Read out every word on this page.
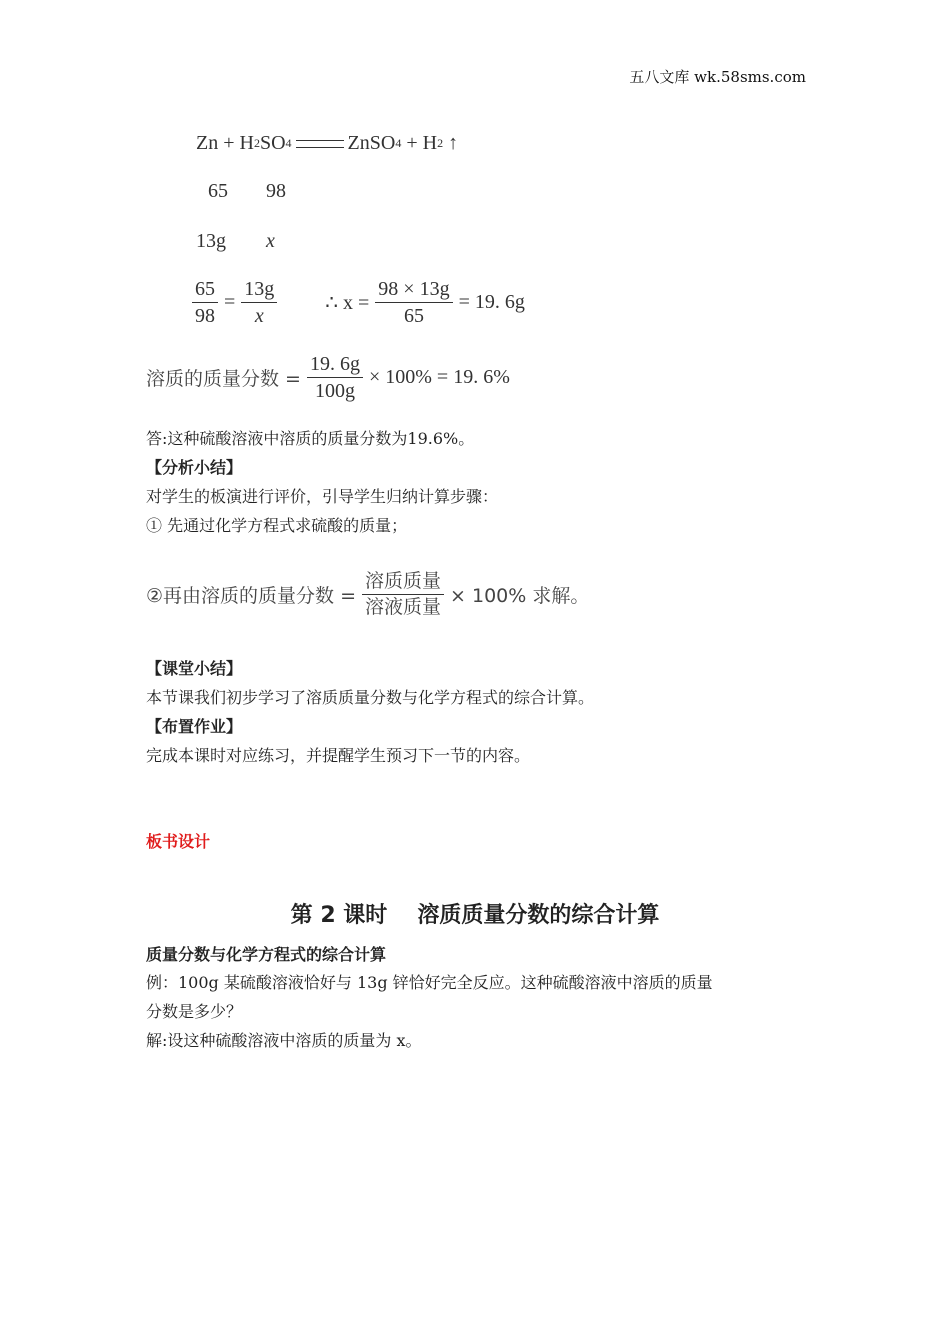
五八文库 wk.58sms.com
Zn
+
H 2 SO 4	ZnSO 4
+
H 2
↑
65 98
13g x
$\frac{65}{98} = \frac{13g}{x}$ ∴ $x = \frac{98 \times 13g}{65} = 19$. 6g
溶质的质量分数 = $\frac{19. 6g}{100g} \times 100\% = 19$. 6%
答:这种硫酸溶液中溶质的质量分数为19.6%。
【分析小结】
对学生的板演进行评价，引导学生归纳计算步骤：
① 先通过化学方程式求硫酸的质量；
②再由溶质的质量分数 = $\frac{\text{溶质质量}}{\text{溶液质量}} \times 100\%$ 求解。
【课堂小结】
本节课我们初步学习了溶质质量分数与化学方程式的综合计算。
【布置作业】
完成本课时对应练习，并提醒学生预习下一节的内容。
板书设计
第 2 课时 溶质质量分数的综合计算
质量分数与化学方程式的综合计算
例：100g 某硫酸溶液恰好与 13g 锌恰好完全反应。这种硫酸溶液中溶质的质量
分数是多少？
解:设这种硫酸溶液中溶质的质量为 x。
